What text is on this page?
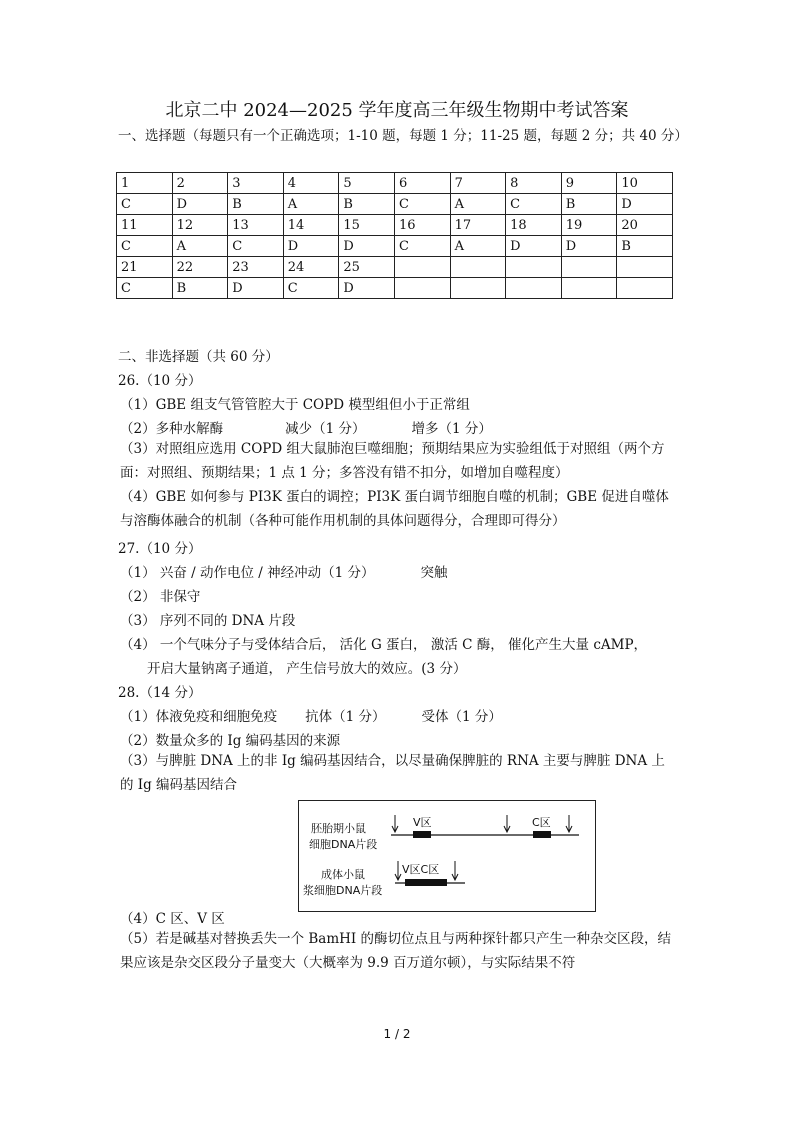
北京二中 2024—2025 学年度高三年级生物期中考试答案
一、选择题（每题只有一个正确选项；1-10 题，每题 1 分；11-25 题，每题 2 分；共 40 分）
1	2	3	4	5	6	7	8	9	10
C	D	B	A	B	C	A	C	B	D
11	12	13	14	15	16	17	18	19	20
C	A	C	D	D	C	A	D	D	B
21	22	23	24	25					
C	B	D	C	D					
二、非选择题（共 60 分）
26.（10 分）
（1）GBE 组支气管管腔大于 COPD 模型组但小于正常组
（2）多种水解酶	减少（1 分）	增多（1 分）
（3）对照组应选用 COPD 组大鼠肺泡巨噬细胞；预期结果应为实验组低于对照组（两个方面：对照组、预期结果；1 点 1 分；多答没有错不扣分，如增加自噬程度）
（4）GBE 如何参与 PI3K 蛋白的调控；PI3K 蛋白调节细胞自噬的机制；GBE 促进自噬体与溶酶体融合的机制（各种可能作用机制的具体问题得分，合理即可得分）
27.（10 分）
（1） 兴奋 / 动作电位 / 神经冲动（1 分）	突触
（2） 非保守
（3） 序列不同的 DNA 片段
（4） 一个气味分子与受体结合后， 活化 G 蛋白， 激活 C 酶， 催化产生大量 cAMP，
开启大量钠离子通道， 产生信号放大的效应。(3 分）
28.（14 分）
（1）体液免疫和细胞免疫 抗体（1 分）	受体（1 分）
（2）数量众多的 Ig 编码基因的来源
（3）与脾脏 DNA 上的非 Ig 编码基因结合，以尽量确保脾脏的 RNA 主要与脾脏 DNA 上的 Ig 编码基因结合
胚胎期小鼠
细胞DNA片段
成体小鼠
浆细胞DNA片段
V区	C区
V区C区
（4）C 区、V 区
（5）若是碱基对替换丢失一个 BamHI 的酶切位点且与两种探针都只产生一种杂交区段，结果应该是杂交区段分子量变大（大概率为 9.9 百万道尔顿），与实际结果不符
1 / 2
